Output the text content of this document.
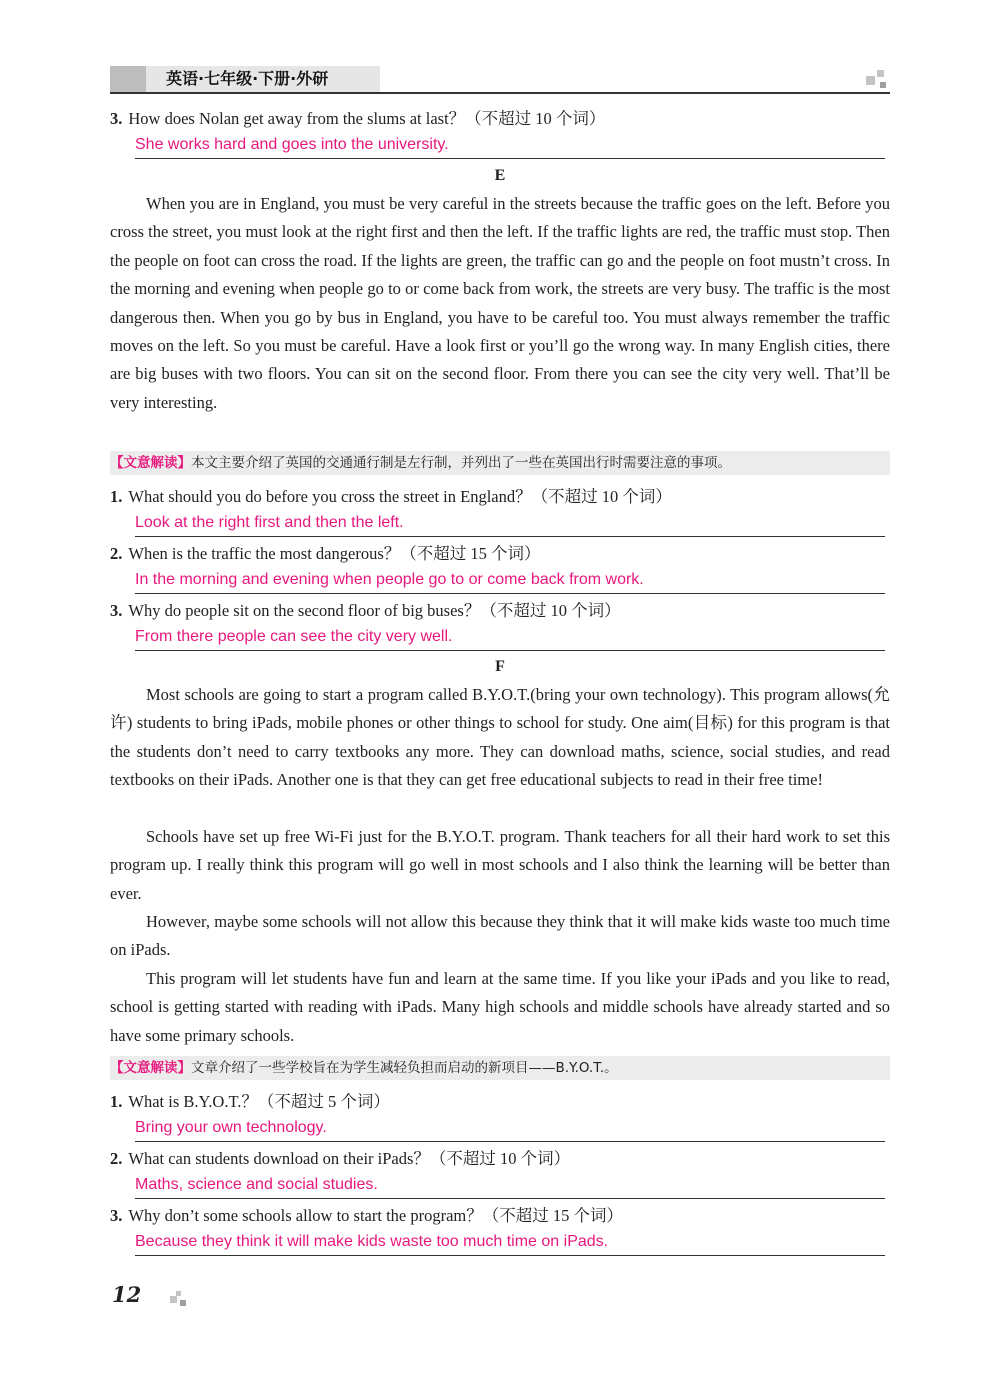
英语·七年级·下册·外研
3. How does Nolan get away from the slums at last？（不超过 10 个词）
She works hard and goes into the university.
E
When you are in England, you must be very careful in the streets because the traffic goes on the left. Before you cross the street, you must look at the right first and then the left. If the traffic lights are red, the traffic must stop. Then the people on foot can cross the road. If the lights are green, the traffic can go and the people on foot mustn’t cross. In the morning and evening when people go to or come back from work, the streets are very busy. The traffic is the most dangerous then. When you go by bus in England, you have to be careful too. You must always remember the traffic moves on the left. So you must be careful. Have a look first or you’ll go the wrong way. In many English cities, there are big buses with two floors. You can sit on the second floor. From there you can see the city very well. That’ll be very interesting.
【文意解读】本文主要介绍了英国的交通通行制是左行制，并列出了一些在英国出行时需要注意的事项。
1. What should you do before you cross the street in England？（不超过 10 个词）
Look at the right first and then the left.
2. When is the traffic the most dangerous？（不超过 15 个词）
In the morning and evening when people go to or come back from work.
3. Why do people sit on the second floor of big buses？（不超过 10 个词）
From there people can see the city very well.
F
Most schools are going to start a program called B.Y.O.T.(bring your own technology). This program allows(允许) students to bring iPads, mobile phones or other things to school for study. One aim(目标) for this program is that the students don’t need to carry textbooks any more. They can download maths, science, social studies, and read textbooks on their iPads. Another one is that they can get free educational subjects to read in their free time!
Schools have set up free Wi-Fi just for the B.Y.O.T. program. Thank teachers for all their hard work to set this program up. I really think this program will go well in most schools and I also think the learning will be better than ever.
However, maybe some schools will not allow this because they think that it will make kids waste too much time on iPads.
This program will let students have fun and learn at the same time. If you like your iPads and you like to read, school is getting started with reading with iPads. Many high schools and middle schools have already started and so have some primary schools.
【文意解读】文章介绍了一些学校旨在为学生减轻负担而启动的新项目——B.Y.O.T.。
1. What is B.Y.O.T.？（不超过 5 个词）
Bring your own technology.
2. What can students download on their iPads？（不超过 10 个词）
Maths, science and social studies.
3. Why don’t some schools allow to start the program？（不超过 15 个词）
Because they think it will make kids waste too much time on iPads.
12
